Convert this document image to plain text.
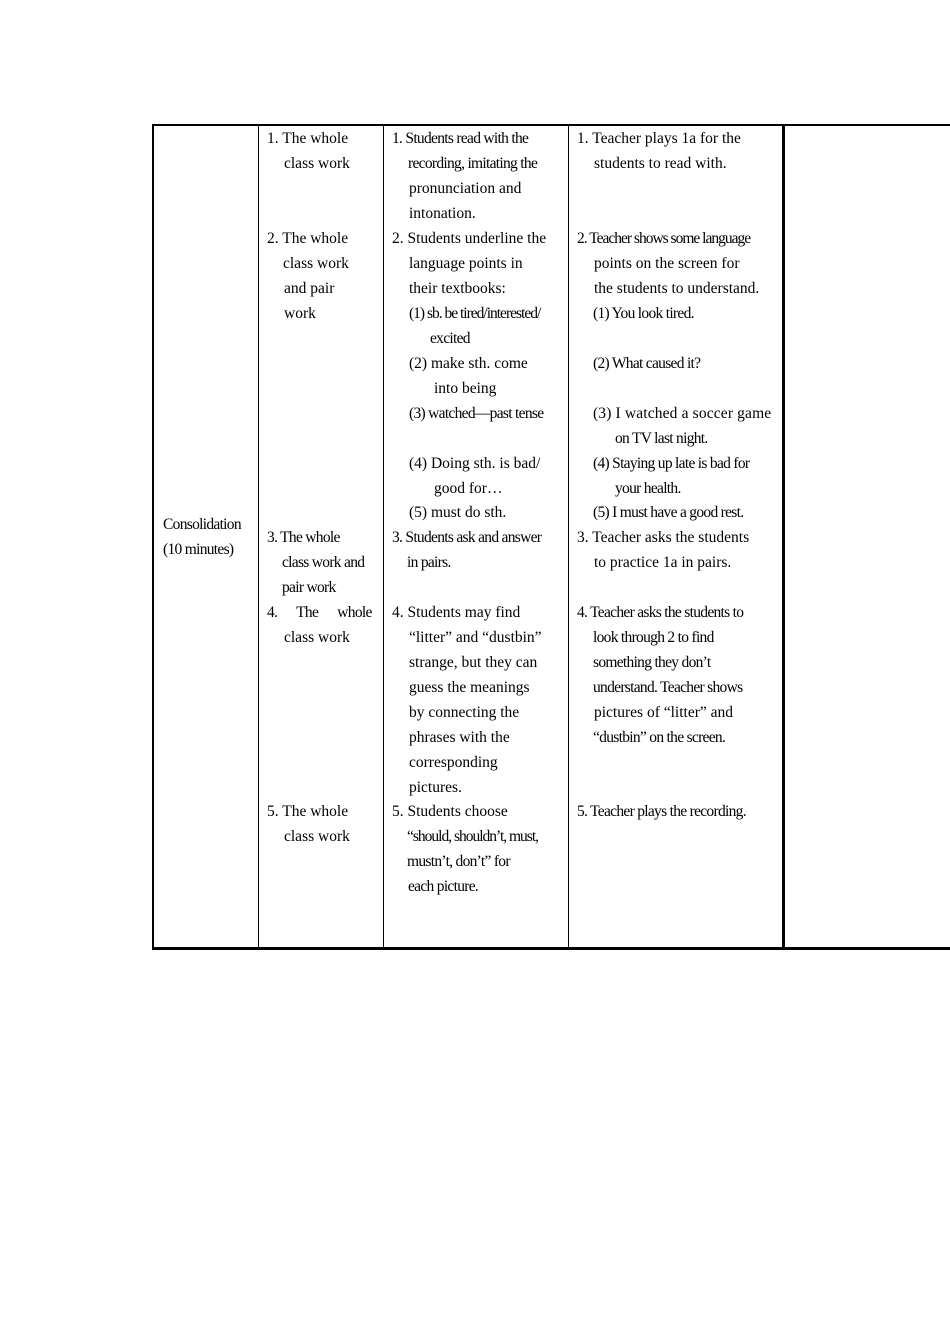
Consolidation
(10 minutes)
1. The whole
class work
1. Students read with the
recording, imitating the
pronunciation and
intonation.
1. Teacher plays 1a for the
students to read with.
2. The whole
class work
and pair
work
2. Students underline the
language points in
their textbooks:
2. Teacher shows some language
points on the screen for
the students to understand.
(1) sb. be tired/interested/
excited
(1) You look tired.
(2) make sth. come
into being
(2) What caused it?
(3) watched—past tense	(3) I watched a soccer game
on TV last night.
(4) Doing sth. is bad/
good for…
(4) Staying up late is bad for
your health.
(5) must do sth.	(5) I must have a good rest.
3. The whole
class work and
pair work
3. Students ask and answer
in pairs.
3. Teacher asks the students
to practice 1a in pairs.
4. The whole
class work
4. Students may find
“litter” and “dustbin”
strange, but they can
guess the meanings
by connecting the
phrases with the
corresponding
pictures.
4. Teacher asks the students to
look through 2 to find
something they don’t
understand. Teacher shows
pictures of “litter” and
“dustbin” on the screen.
5. The whole
class work
5. Students choose
“should, shouldn’t, must,
mustn’t, don’t” for
each picture.
5. Teacher plays the recording.
